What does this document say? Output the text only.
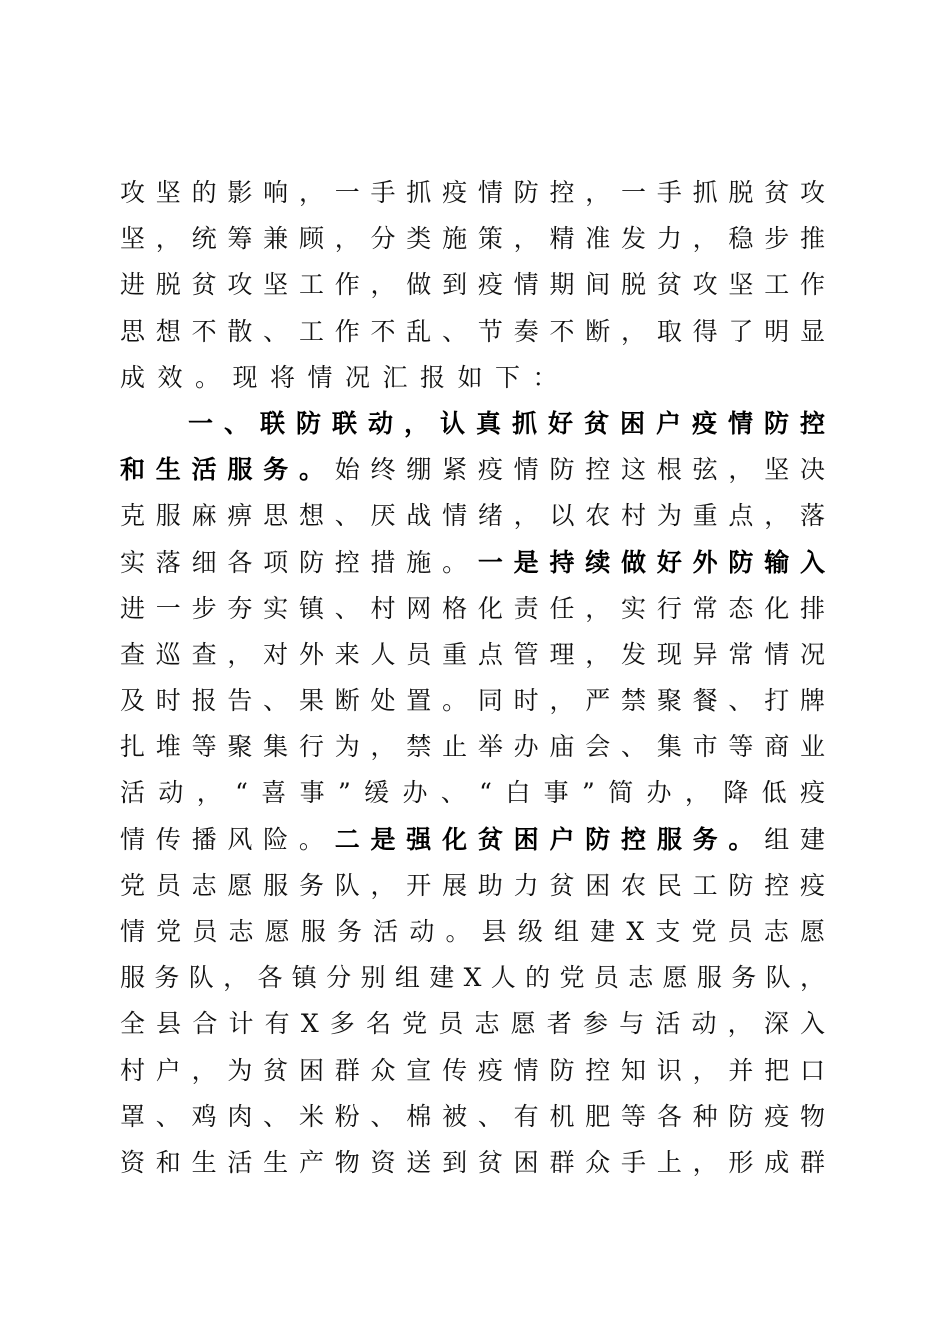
攻坚的影响，一手抓疫情防控，一手抓脱贫攻
坚，统筹兼顾，分类施策，精准发力，稳步推
进脱贫攻坚工作，做到疫情期间脱贫攻坚工作
思想不散、工作不乱、节奏不断，取得了明显
成效。现将情况汇报如下：
一、联防联动，认真抓好贫困户疫情防控
和生活服务。始终绷紧疫情防控这根弦，坚决
克服麻痹思想、厌战情绪，以农村为重点，落
实落细各项防控措施。一是持续做好外防输入
进一步夯实镇、村网格化责任，实行常态化排
查巡查，对外来人员重点管理，发现异常情况
及时报告、果断处置。同时，严禁聚餐、打牌
扎堆等聚集行为，禁止举办庙会、集市等商业
活动，“喜事”缓办、“白事”简办，降低疫
情传播风险。二是强化贫困户防控服务。组建
党员志愿服务队，开展助力贫困农民工防控疫
情党员志愿服务活动。县级组建X支党员志愿
服务队，各镇分别组建X人的党员志愿服务队，
全县合计有X多名党员志愿者参与活动，深入
村户，为贫困群众宣传疫情防控知识，并把口
罩、鸡肉、米粉、棉被、有机肥等各种防疫物
资和生活生产物资送到贫困群众手上，形成群
